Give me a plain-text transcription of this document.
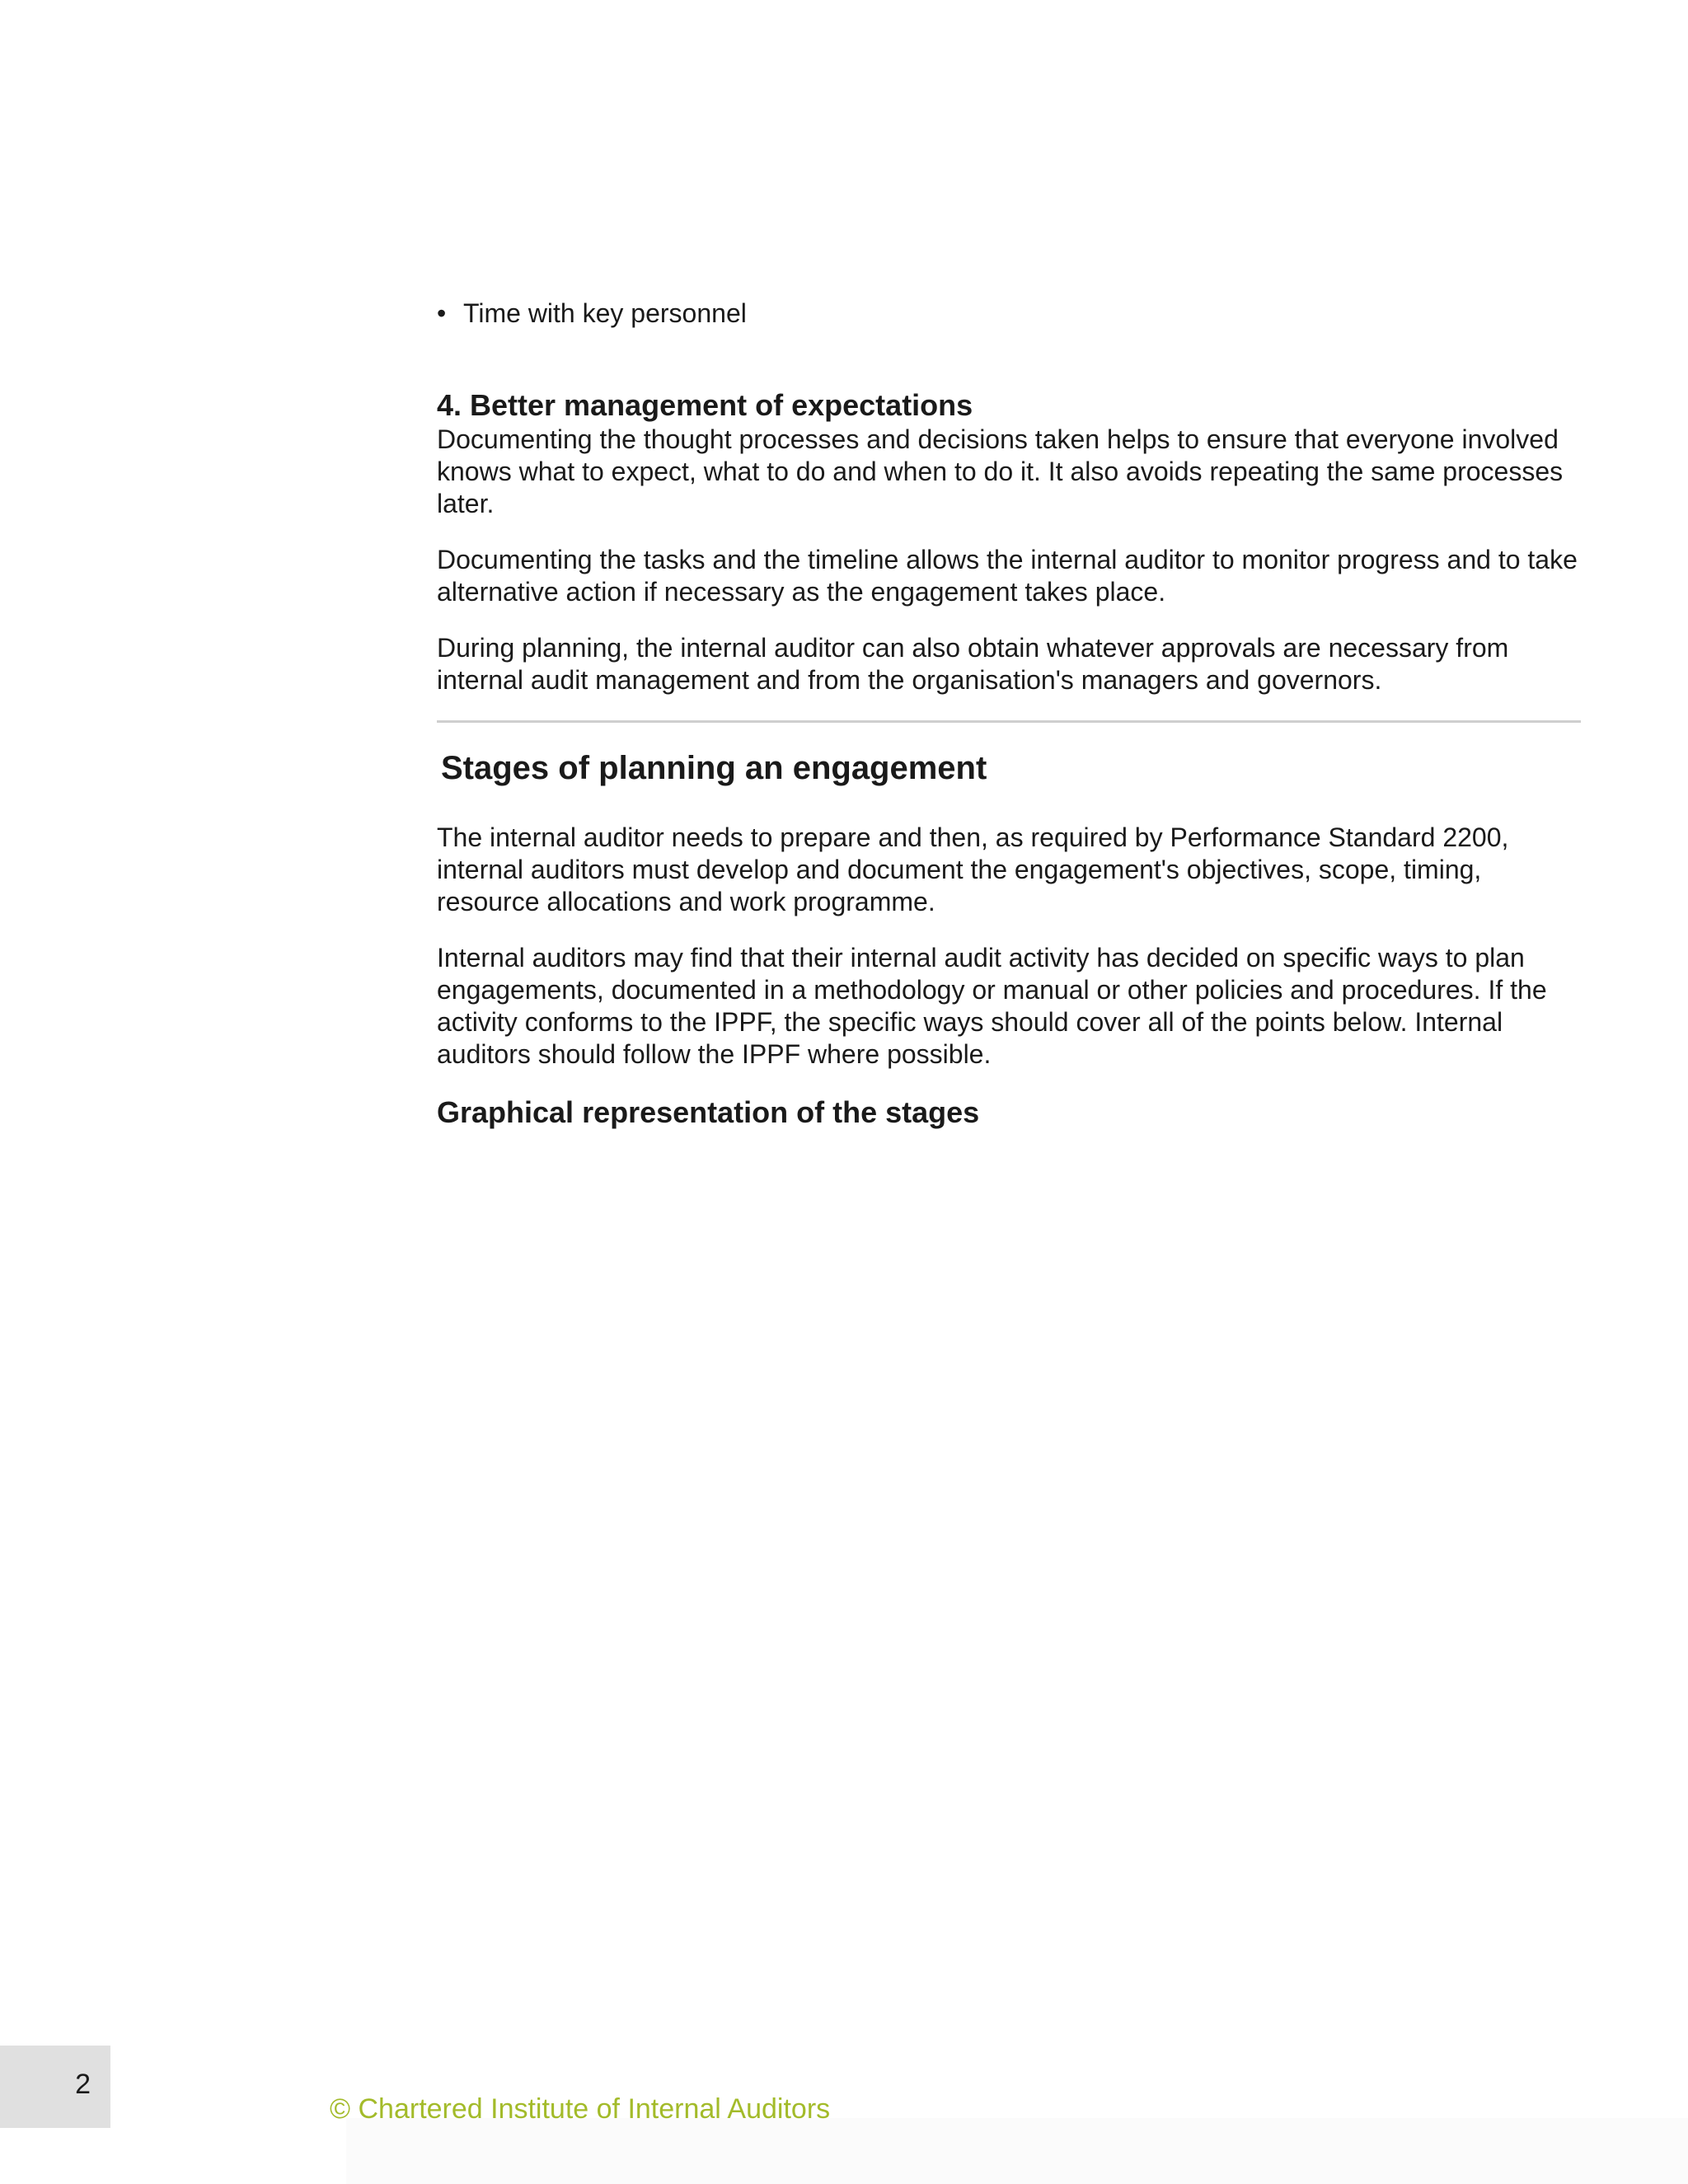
• Time with key personnel
4. Better management of expectations

Documenting the thought processes and decisions taken helps to ensure that everyone involved knows what to expect, what to do and when to do it. It also avoids repeating the same processes later.

Documenting the tasks and the timeline allows the internal auditor to monitor progress and to take alternative action if necessary as the engagement takes place.

During planning, the internal auditor can also obtain whatever approvals are necessary from internal audit management and from the organisation's managers and governors.

Stages of planning an engagement

The internal auditor needs to prepare and then, as required by Performance Standard 2200, internal auditors must develop and document the engagement's objectives, scope, timing, resource allocations and work programme.

Internal auditors may find that their internal audit activity has decided on specific ways to plan engagements, documented in a methodology or manual or other policies and procedures. If the activity conforms to the IPPF, the specific ways should cover all of the points below. Internal auditors should follow the IPPF where possible.

Graphical representation of the stages
2
© Chartered Institute of Internal Auditors
